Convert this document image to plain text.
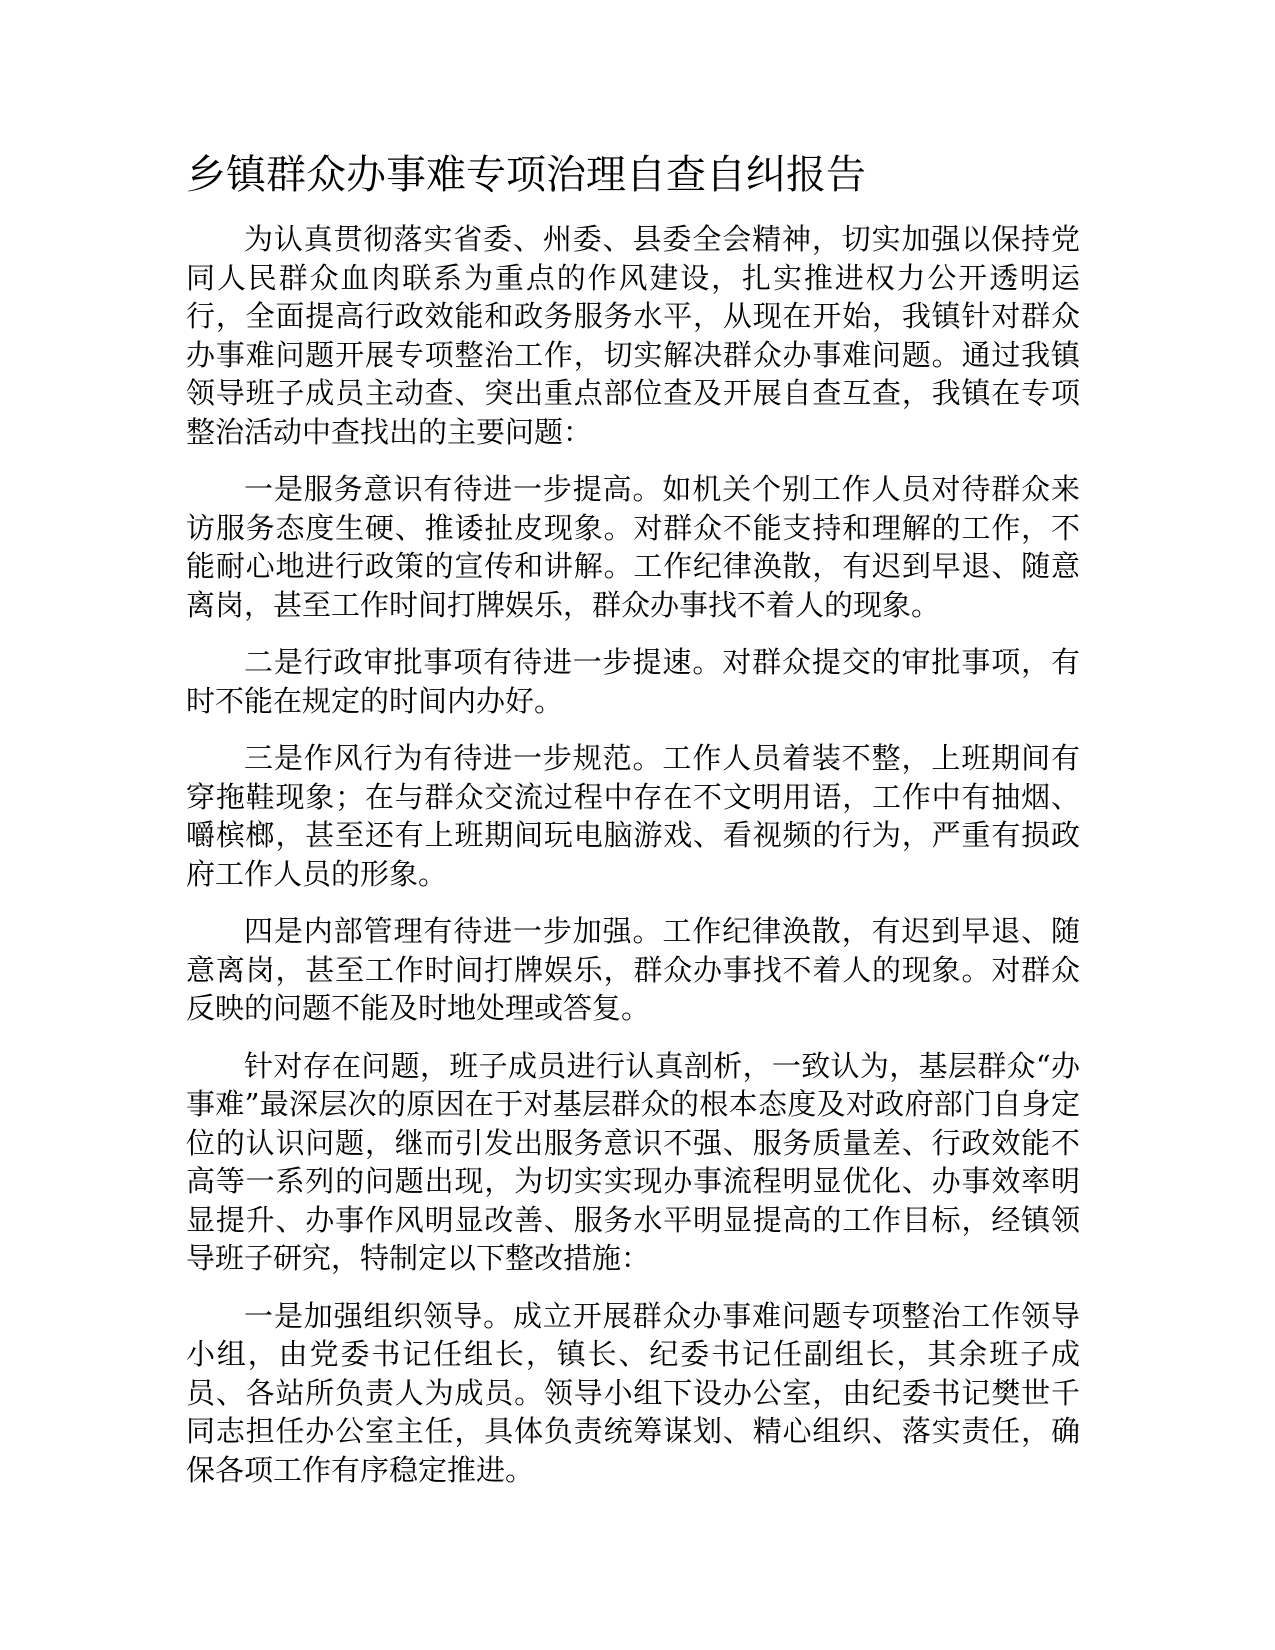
乡镇群众办事难专项治理自查自纠报告

为认真贯彻落实省委、州委、县委全会精神，切实加强以保持党同人民群众血肉联系为重点的作风建设，扎实推进权力公开透明运行，全面提高行政效能和政务服务水平，从现在开始，我镇针对群众办事难问题开展专项整治工作，切实解决群众办事难问题。通过我镇领导班子成员主动查、突出重点部位查及开展自查互查，我镇在专项整治活动中查找出的主要问题：

一是服务意识有待进一步提高。如机关个别工作人员对待群众来访服务态度生硬、推诿扯皮现象。对群众不能支持和理解的工作，不能耐心地进行政策的宣传和讲解。工作纪律涣散，有迟到早退、随意离岗，甚至工作时间打牌娱乐，群众办事找不着人的现象。

二是行政审批事项有待进一步提速。对群众提交的审批事项，有时不能在规定的时间内办好。

三是作风行为有待进一步规范。工作人员着装不整，上班期间有穿拖鞋现象；在与群众交流过程中存在不文明用语，工作中有抽烟、嚼槟榔，甚至还有上班期间玩电脑游戏、看视频的行为，严重有损政府工作人员的形象。

四是内部管理有待进一步加强。工作纪律涣散，有迟到早退、随意离岗，甚至工作时间打牌娱乐，群众办事找不着人的现象。对群众反映的问题不能及时地处理或答复。

针对存在问题，班子成员进行认真剖析，一致认为，基层群众“办事难”最深层次的原因在于对基层群众的根本态度及对政府部门自身定位的认识问题，继而引发出服务意识不强、服务质量差、行政效能不高等一系列的问题出现，为切实实现办事流程明显优化、办事效率明显提升、办事作风明显改善、服务水平明显提高的工作目标，经镇领导班子研究，特制定以下整改措施：

一是加强组织领导。成立开展群众办事难问题专项整治工作领导小组，由党委书记任组长，镇长、纪委书记任副组长，其余班子成员、各站所负责人为成员。领导小组下设办公室，由纪委书记樊世千同志担任办公室主任，具体负责统筹谋划、精心组织、落实责任，确保各项工作有序稳定推进。
